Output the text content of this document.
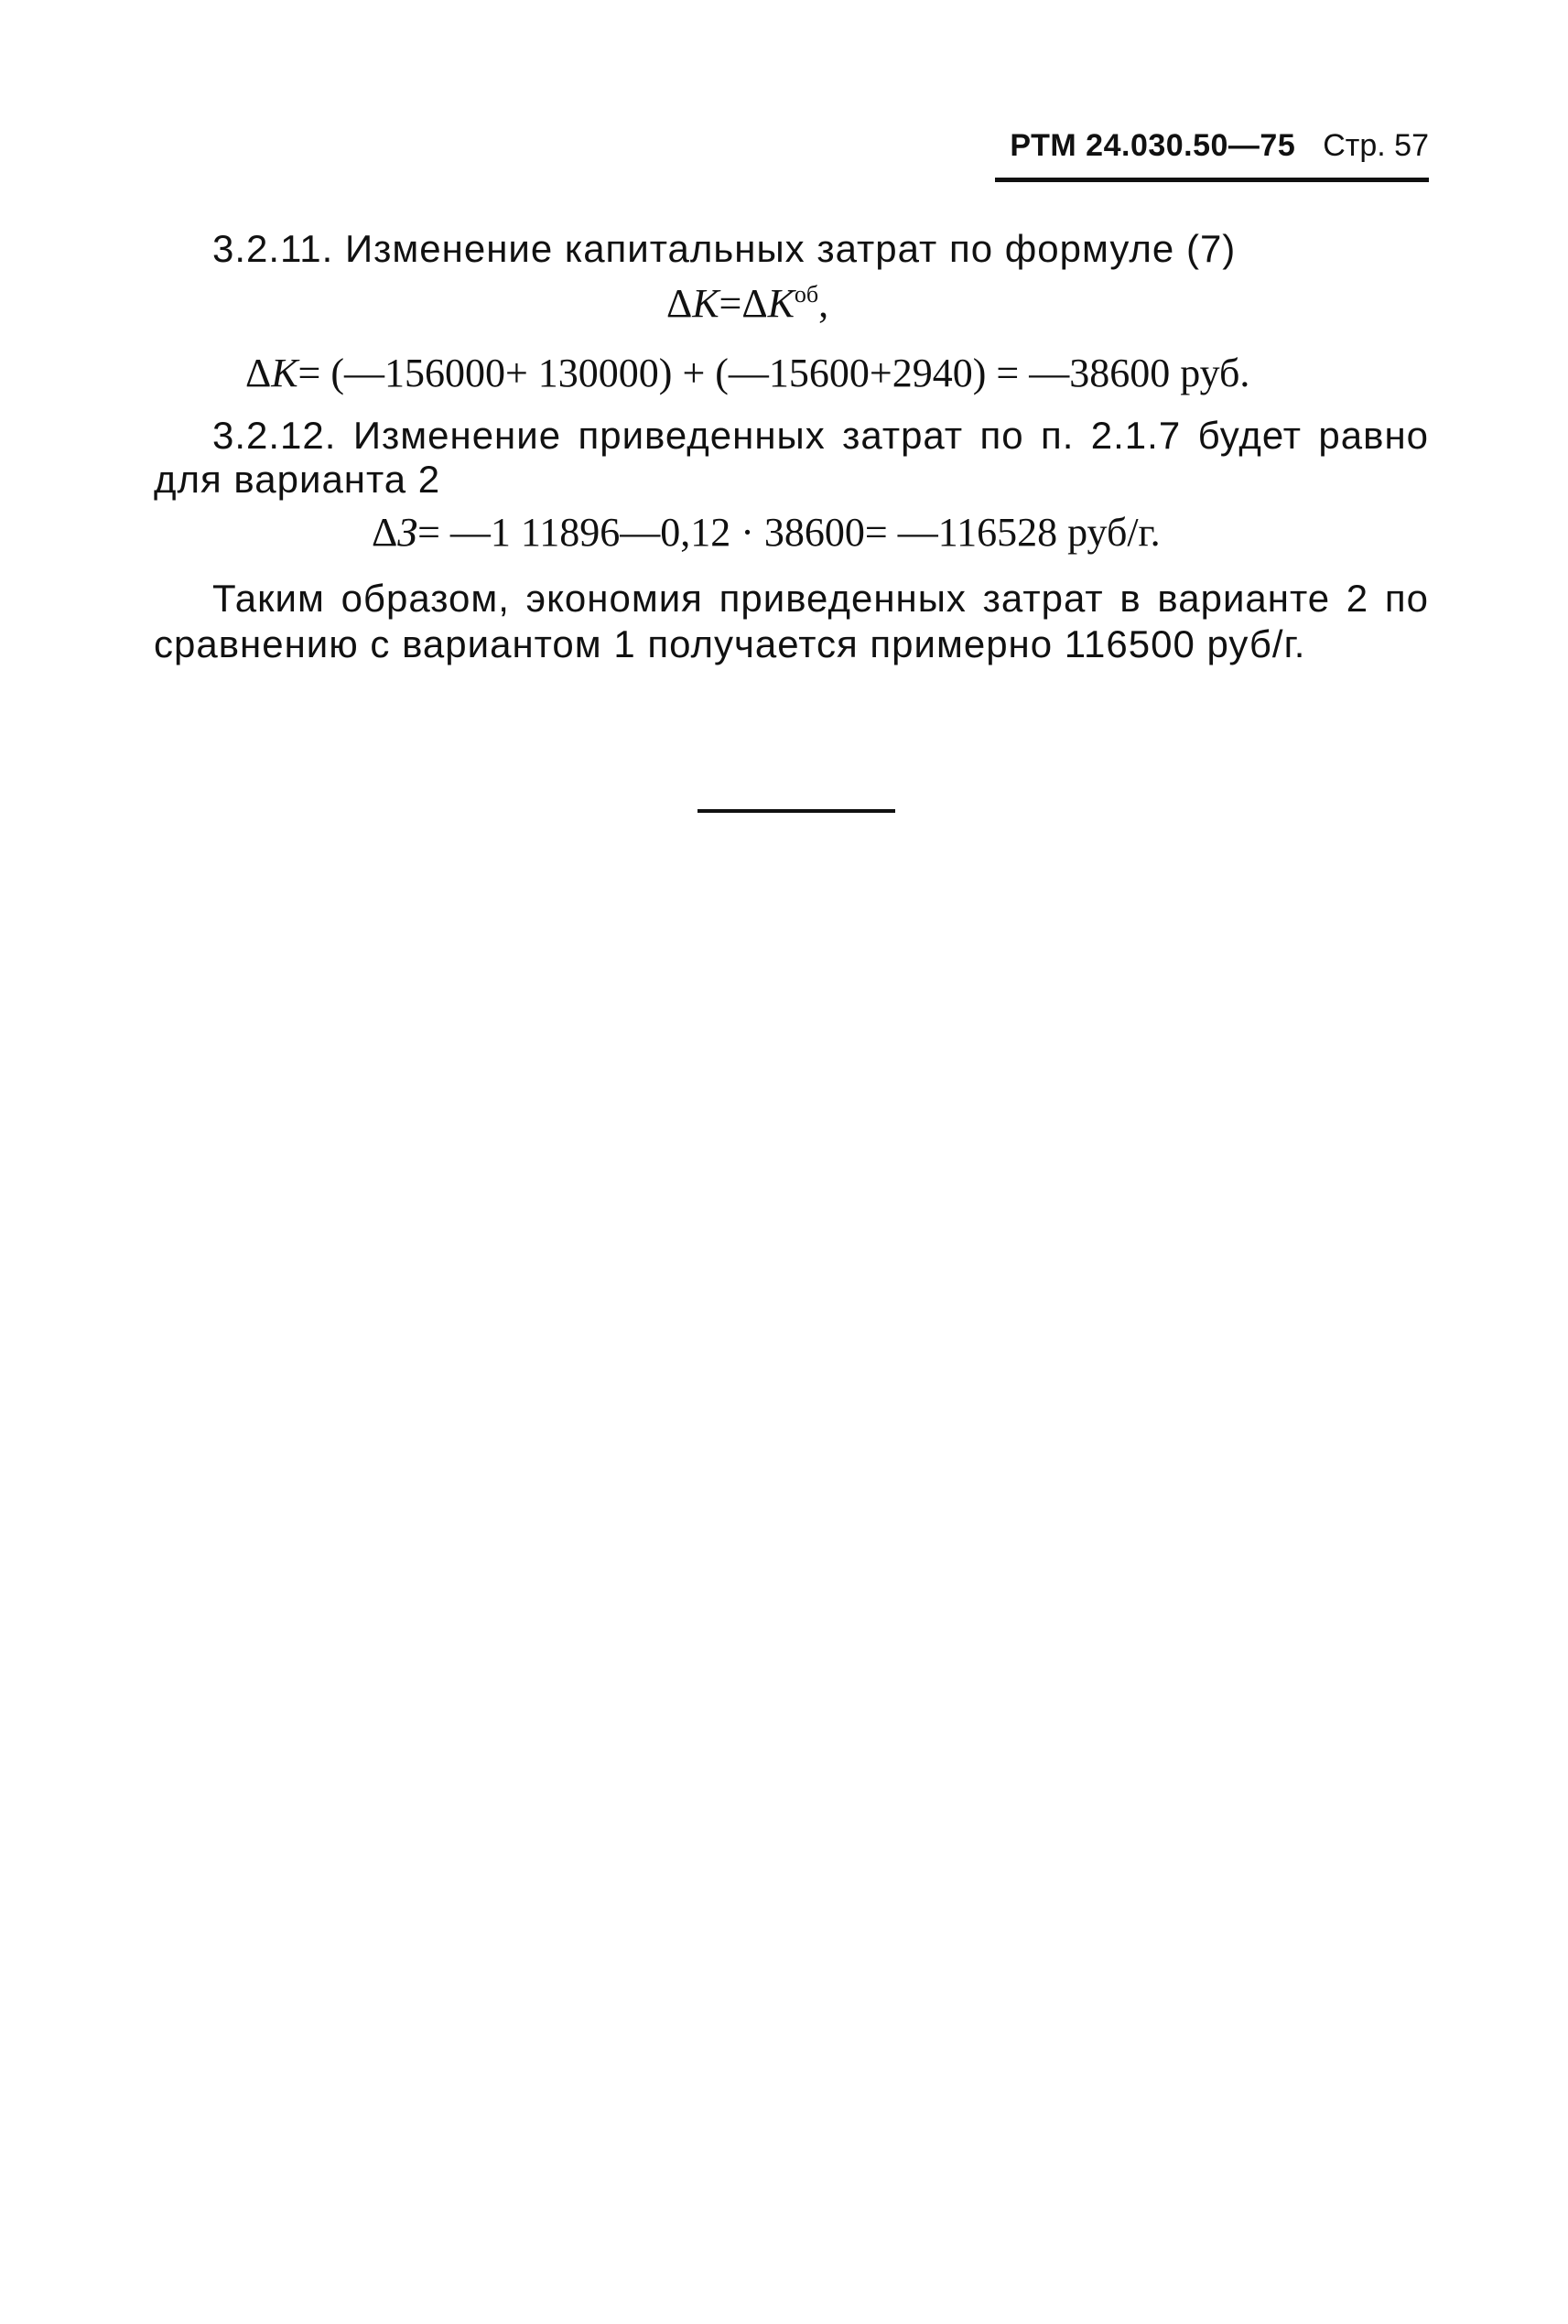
РТМ 24.030.50—75 Стр. 57
3.2.11. Изменение капитальных затрат по формуле (7)
$\Delta К=\Delta К^{об}$,
ΔК= (—156000+ 130000) + (—15600+2940) = —38600 руб.
3.2.12. Изменение приведенных затрат по п. 2.1.7 будет равно
для варианта 2
ΔЗ= —1 11896—0,12 · 38600= —116528 руб/г.
Таким образом, экономия приведенных затрат в варианте 2 по
сравнению с вариантом 1 получается примерно 116500 руб/г.
